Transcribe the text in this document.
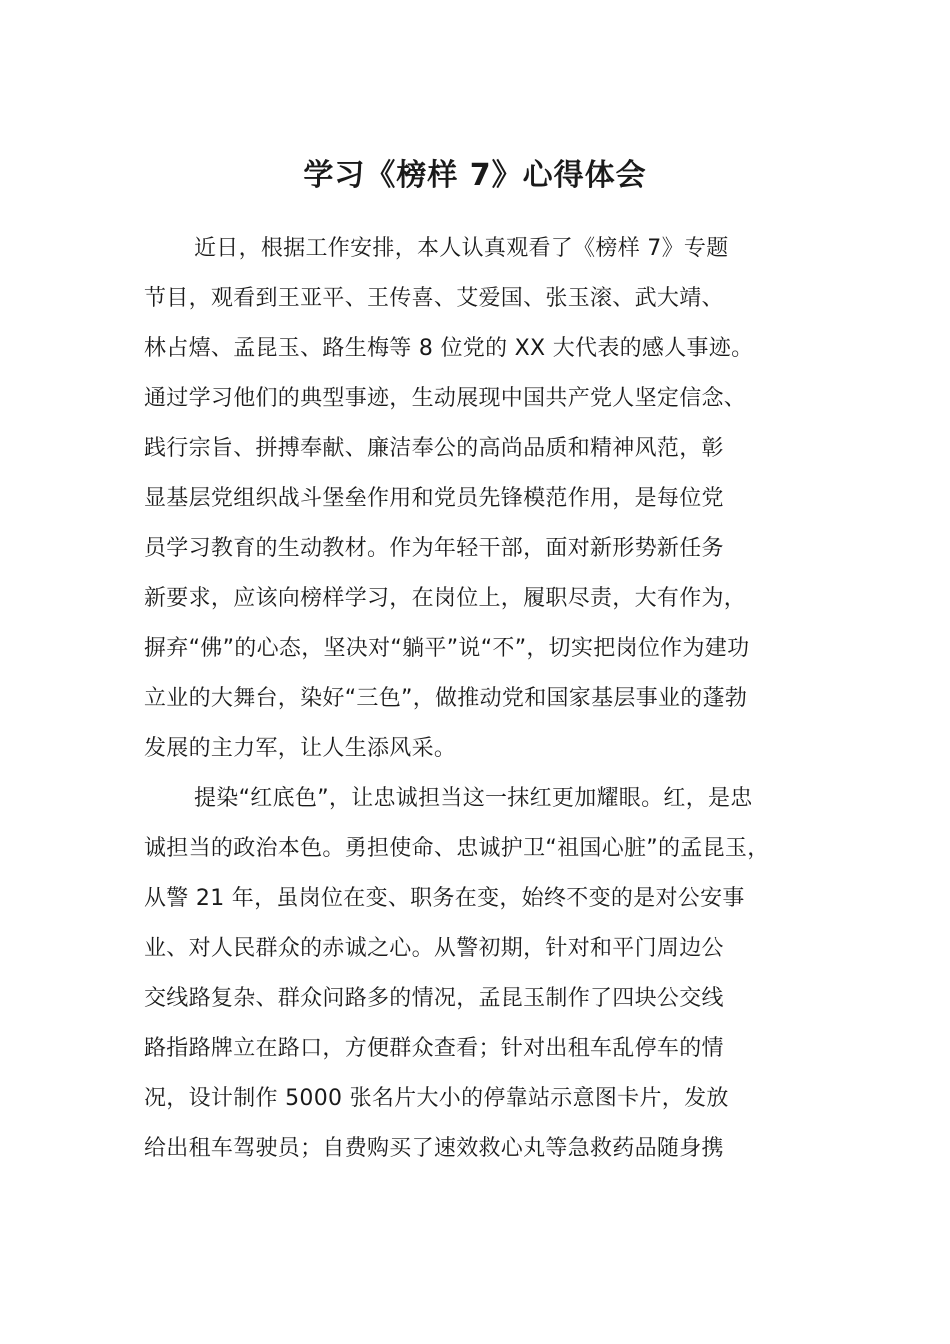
学习《榜样 7》心得体会
近日，根据工作安排，本人认真观看了《榜样 7》专题
节目，观看到王亚平、王传喜、艾爱国、张玉滚、武大靖、
林占熺、孟昆玉、路生梅等 8 位党的 XX 大代表的感人事迹。
通过学习他们的典型事迹，生动展现中国共产党人坚定信念、
践行宗旨、拼搏奉献、廉洁奉公的高尚品质和精神风范，彰
显基层党组织战斗堡垒作用和党员先锋模范作用，是每位党
员学习教育的生动教材。作为年轻干部，面对新形势新任务
新要求，应该向榜样学习，在岗位上，履职尽责，大有作为，
摒弃“佛”的心态，坚决对“躺平”说“不”，切实把岗位作为建功
立业的大舞台，染好“三色”，做推动党和国家基层事业的蓬勃
发展的主力军，让人生添风采。
提染“红底色”，让忠诚担当这一抹红更加耀眼。红，是忠
诚担当的政治本色。勇担使命、忠诚护卫“祖国心脏”的孟昆玉，
从警 21 年，虽岗位在变、职务在变，始终不变的是对公安事
业、对人民群众的赤诚之心。从警初期，针对和平门周边公
交线路复杂、群众问路多的情况，孟昆玉制作了四块公交线
路指路牌立在路口，方便群众查看；针对出租车乱停车的情
况，设计制作 5000 张名片大小的停靠站示意图卡片，发放
给出租车驾驶员；自费购买了速效救心丸等急救药品随身携
